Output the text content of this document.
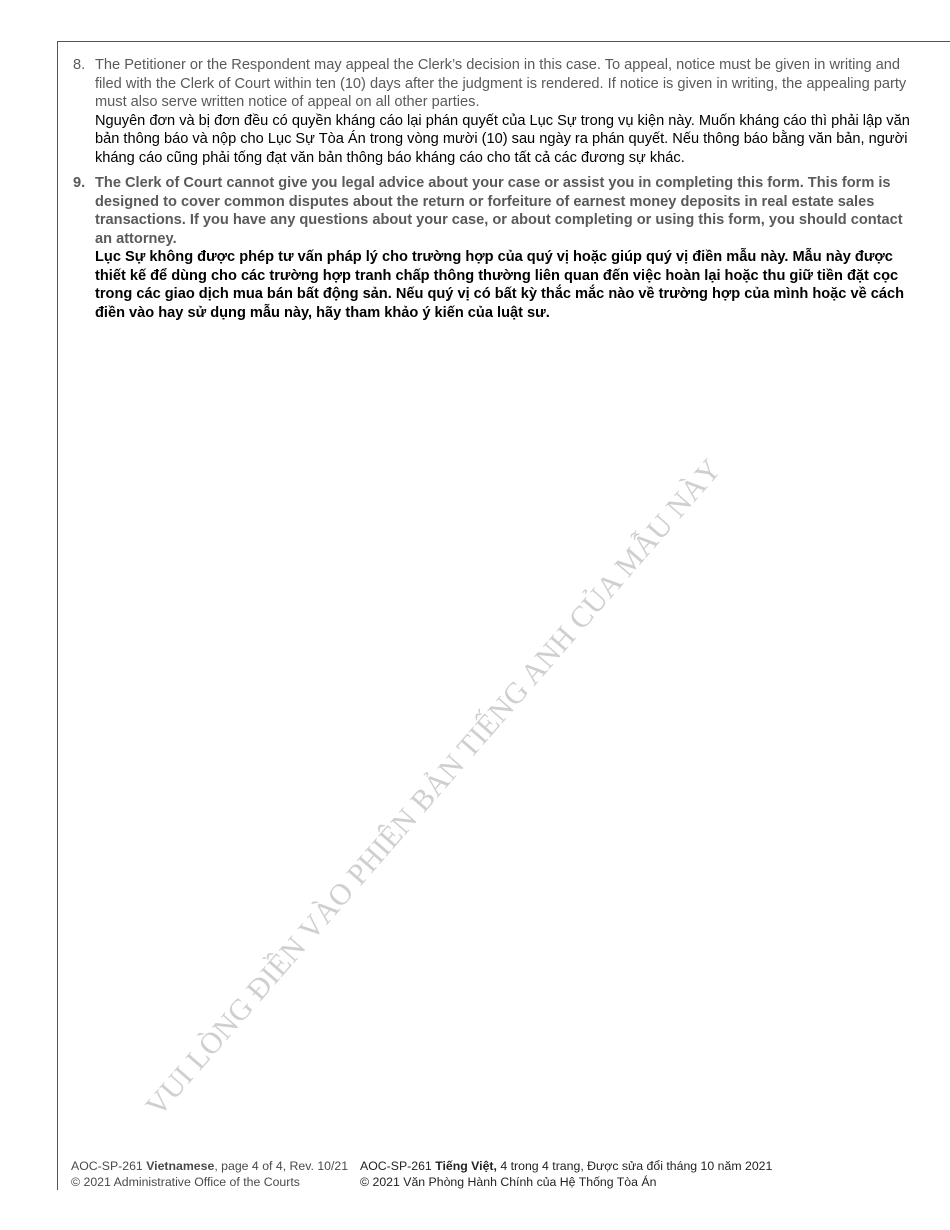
8. The Petitioner or the Respondent may appeal the Clerk’s decision in this case. To appeal, notice must be given in writing and filed with the Clerk of Court within ten (10) days after the judgment is rendered. If notice is given in writing, the appealing party must also serve written notice of appeal on all other parties.
Nguyên đơn và bị đơn đều có quyền kháng cáo lại phán quyết của Lục Sự trong vụ kiện này. Muốn kháng cáo thì phải lập văn bản thông báo và nộp cho Lục Sự Tòa Án trong vòng mười (10) sau ngày ra phán quyết. Nếu thông báo bằng văn bản, người kháng cáo cũng phải tống đạt văn bản thông báo kháng cáo cho tất cả các đương sự khác.
9. The Clerk of Court cannot give you legal advice about your case or assist you in completing this form. This form is designed to cover common disputes about the return or forfeiture of earnest money deposits in real estate sales transactions. If you have any questions about your case, or about completing or using this form, you should contact an attorney.
Lục Sự không được phép tư vấn pháp lý cho trường hợp của quý vị hoặc giúp quý vị điền mẫu này. Mẫu này được thiết kế để dùng cho các trường hợp tranh chấp thông thường liên quan đến việc hoàn lại hoặc thu giữ tiền đặt cọc trong các giao dịch mua bán bất động sản. Nếu quý vị có bất kỳ thắc mắc nào về trường hợp của mình hoặc về cách điền vào hay sử dụng mẫu này, hãy tham khảo ý kiến của luật sư.
VUI LÒNG ĐIỀN VÀO PHIÊN BẢN TIẾNG ANH CỦA MẪU NÀY
AOC-SP-261 Vietnamese, page 4 of 4, Rev. 10/21
© 2021 Administrative Office of the Courts
AOC-SP-261 Tiếng Việt, 4 trong 4 trang, Được sửa đổi tháng 10 năm 2021
© 2021 Văn Phòng Hành Chính của Hệ Thống Tòa Án
